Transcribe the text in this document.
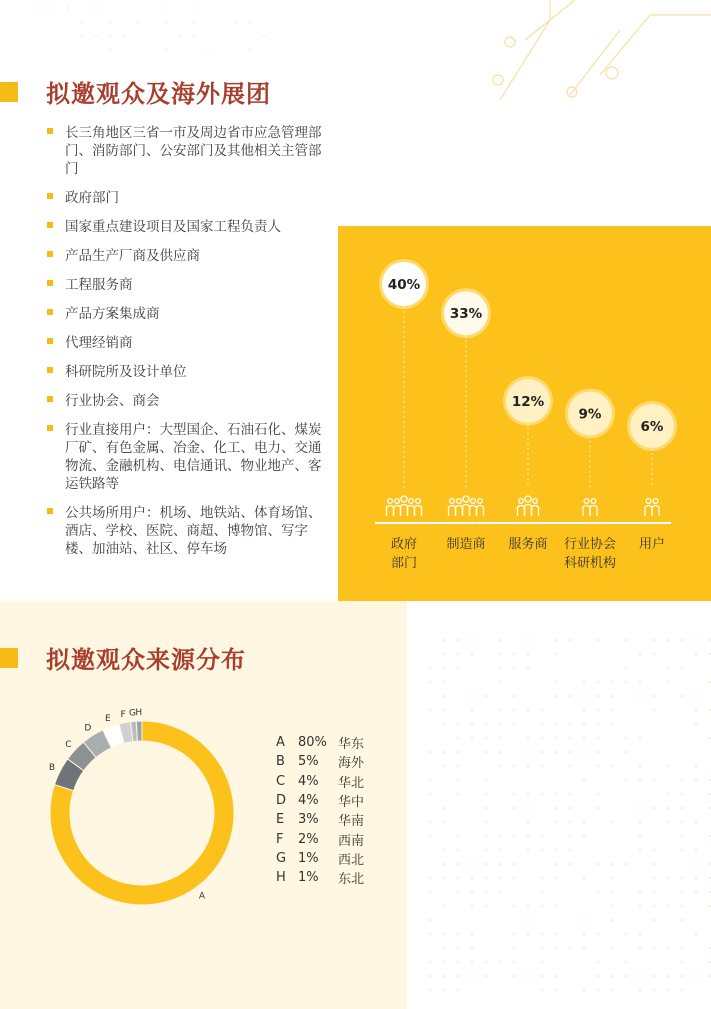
拟邀观众及海外展团
长三角地区三省一市及周边省市应急管理部门、消防部门、公安部门及其他相关主管部门
政府部门
国家重点建设项目及国家工程负责人
产品生产厂商及供应商
工程服务商
产品方案集成商
代理经销商
科研院所及设计单位
行业协会、商会
行业直接用户：大型国企、石油石化、煤炭厂矿、有色金属、冶金、化工、电力、交通物流、金融机构、电信通讯、物业地产、客运铁路等
公共场所用户：机场、地铁站、体育场馆、酒店、学校、医院、商超、博物馆、写字楼、加油站、社区、停车场
40%
政府
部门
33%
制造商
12%
服务商
9%
行业协会
科研机构
6%
用户
拟邀观众来源分布
A
B
C
D
E F G H
A	80% 华东
B	5%	海外
C 4%	华北
D 4%	华中
E	3%	华南
F	2%	西南
G 1%	西北
H 1%	东北
